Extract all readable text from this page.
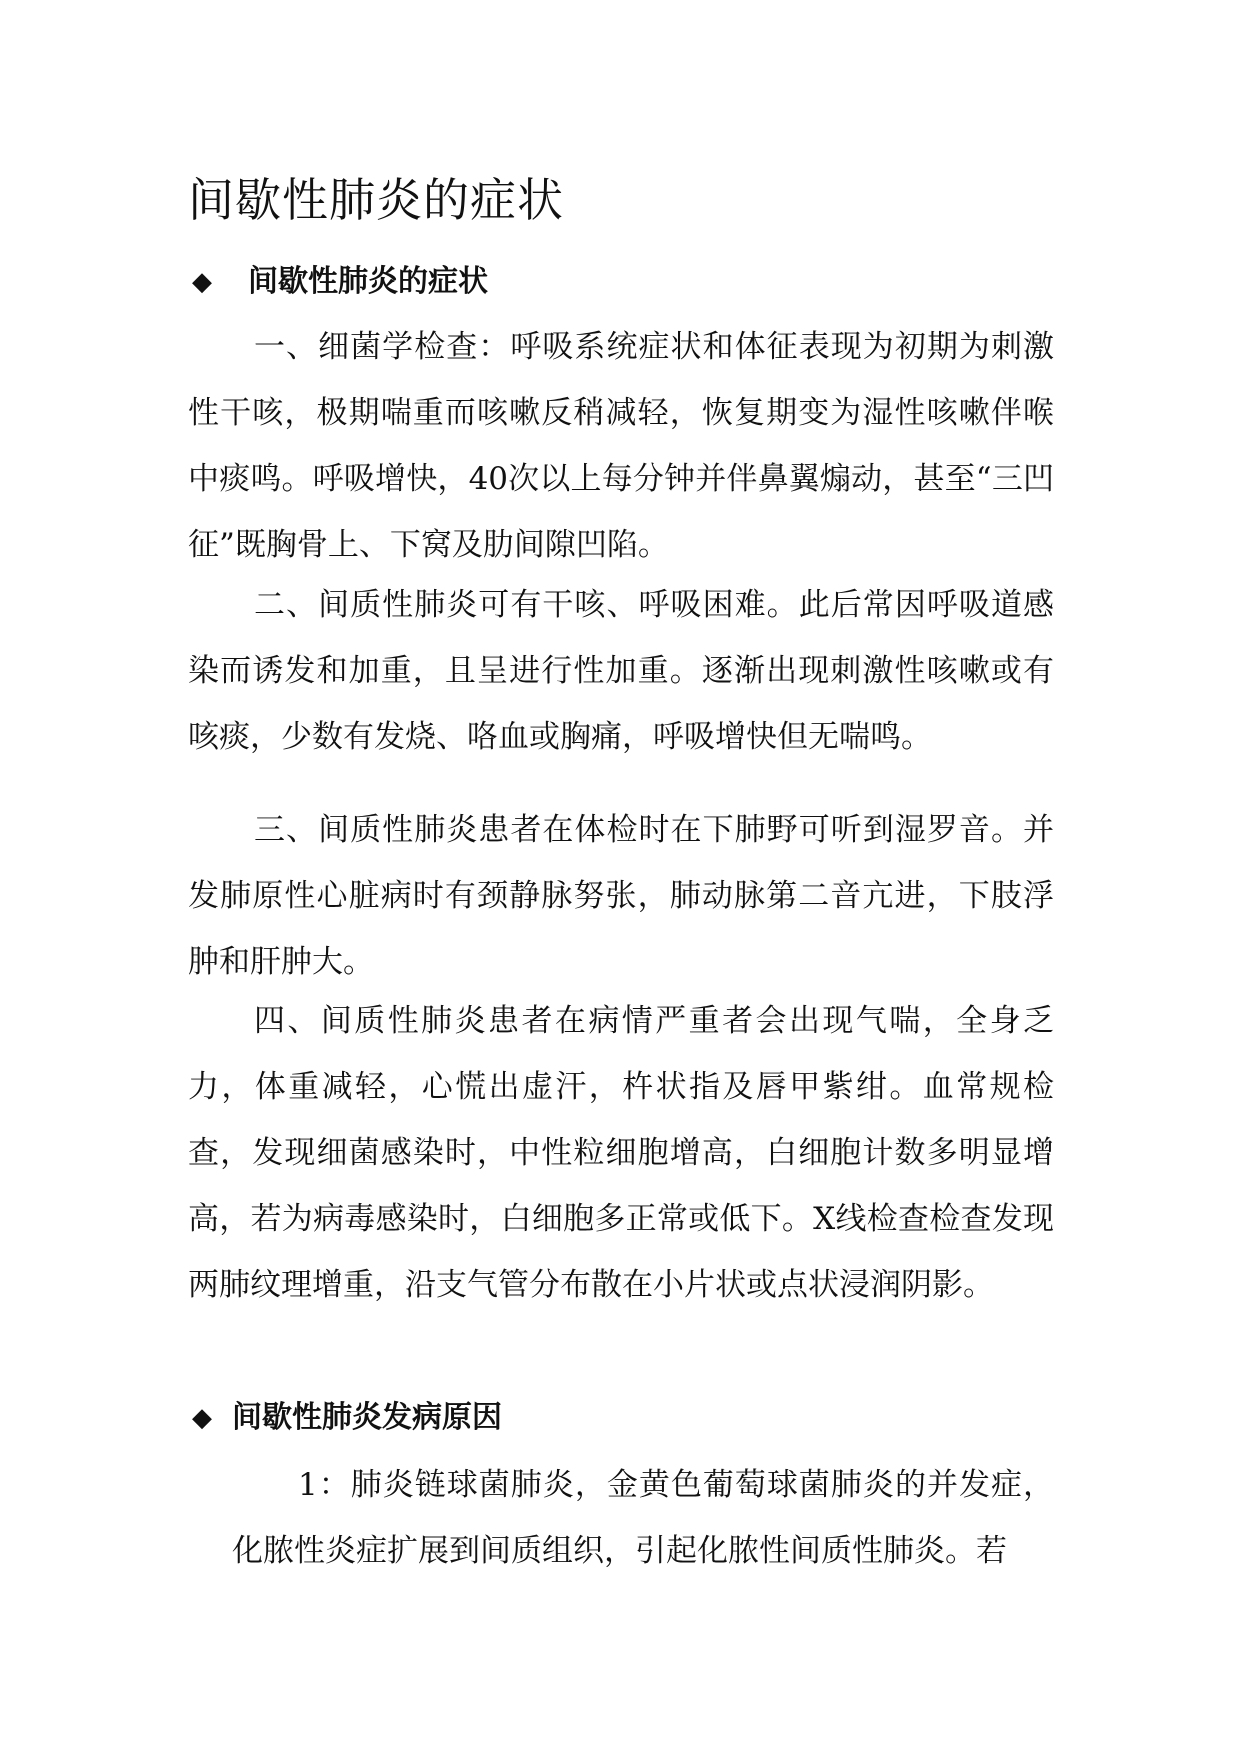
间歇性肺炎的症状
◆	间歇性肺炎的症状

一、细菌学检查：呼吸系统症状和体征表现为初期为刺激性干咳，极期喘重而咳嗽反稍减轻，恢复期变为湿性咳嗽伴喉中痰鸣。呼吸增快，40次以上每分钟并伴鼻翼煽动，甚至“三凹征”既胸骨上、下窝及肋间隙凹陷。

二、间质性肺炎可有干咳、呼吸困难。此后常因呼吸道感染而诱发和加重，且呈进行性加重。逐渐出现刺激性咳嗽或有咳痰，少数有发烧、咯血或胸痛，呼吸增快但无喘鸣。

三、间质性肺炎患者在体检时在下肺野可听到湿罗音。并发肺原性心脏病时有颈静脉努张，肺动脉第二音亢进，下肢浮肿和肝肿大。

四、间质性肺炎患者在病情严重者会出现气喘，全身乏力，体重减轻，心慌出虚汗，杵状指及唇甲紫绀。血常规检查，发现细菌感染时，中性粒细胞增高，白细胞计数多明显增高，若为病毒感染时，白细胞多正常或低下。X线检查检查发现两肺纹理增重，沿支气管分布散在小片状或点状浸润阴影。

◆ 间歇性肺炎发病原因

1：肺炎链球菌肺炎，金黄色葡萄球菌肺炎的并发症，化脓性炎症扩展到间质组织，引起化脓性间质性肺炎。若
